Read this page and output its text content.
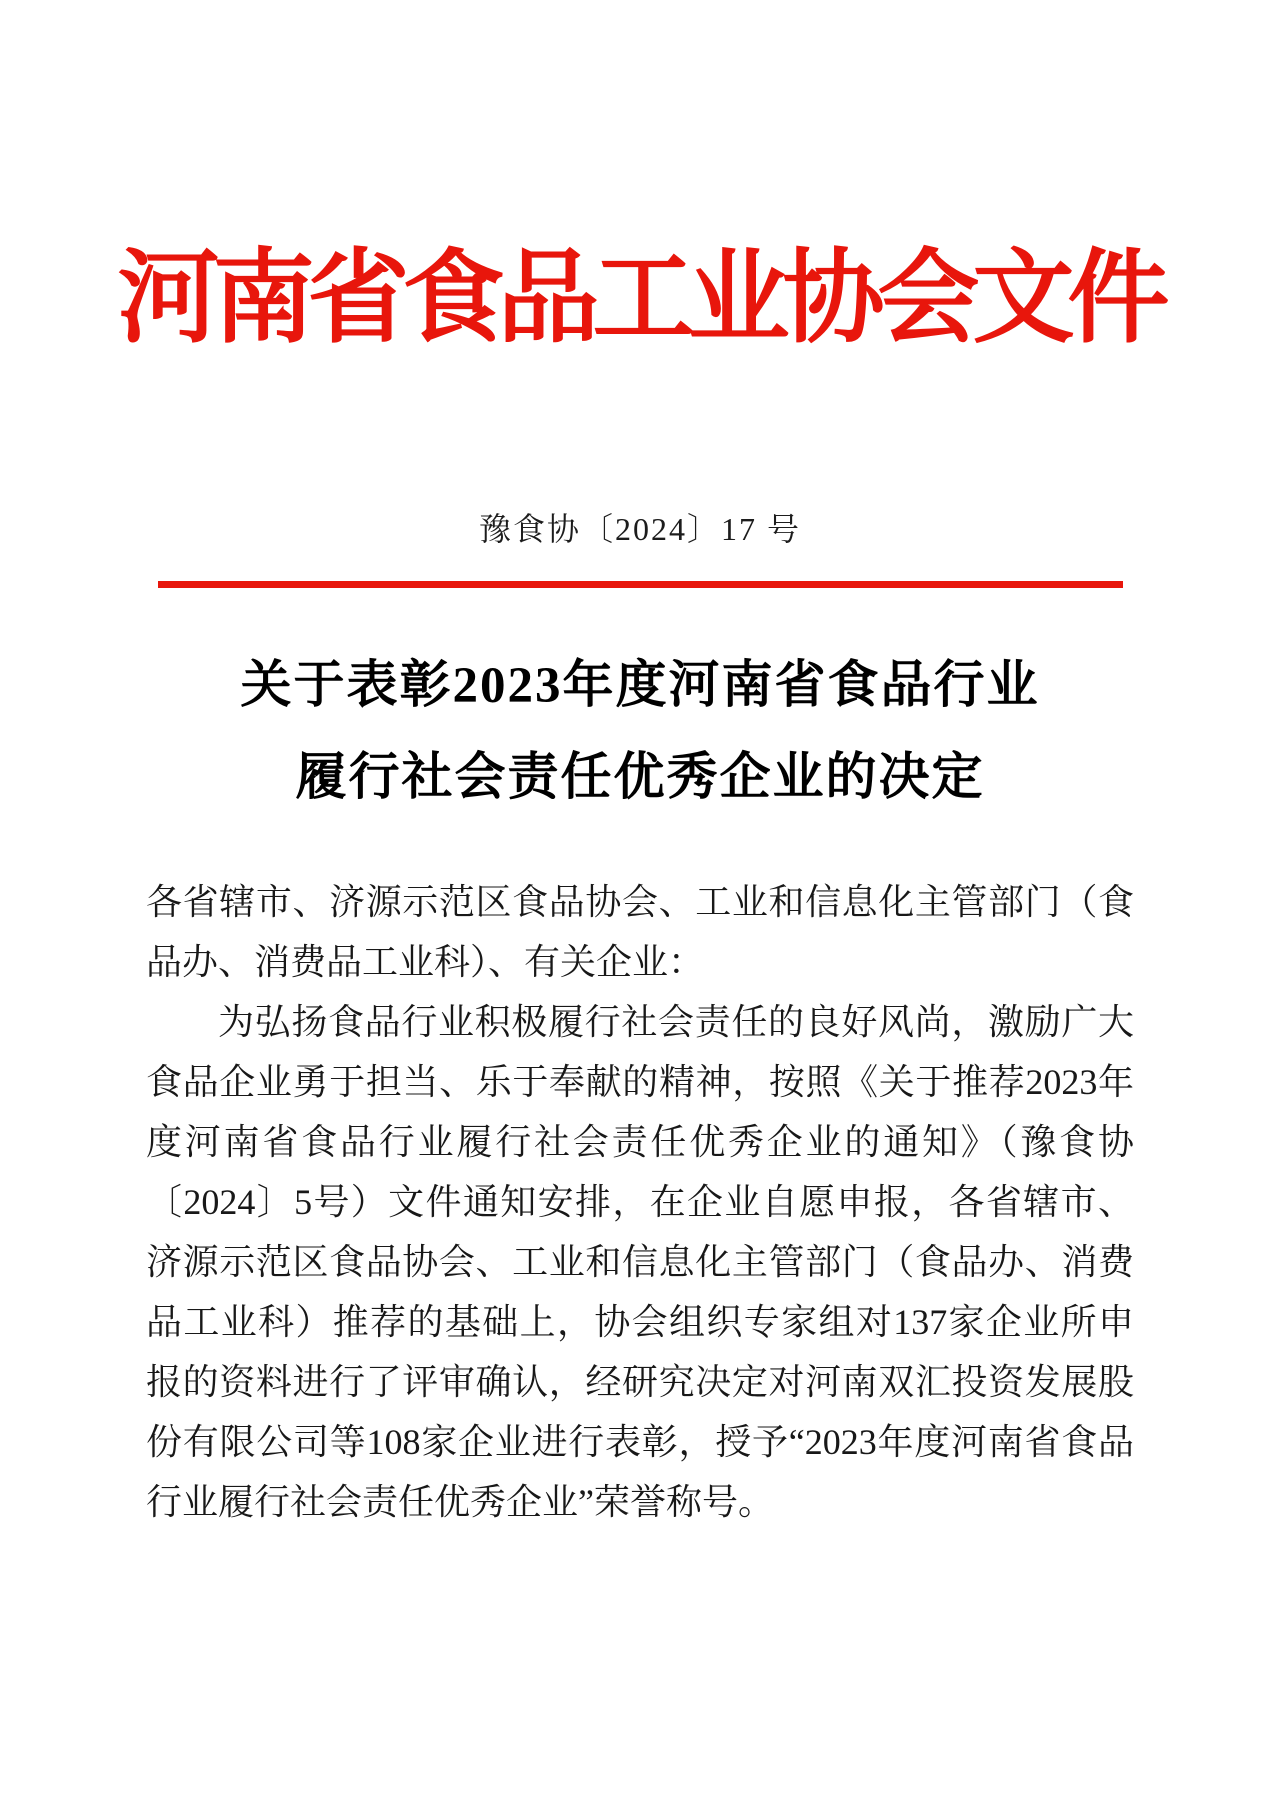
河南省食品工业协会文件
豫食协〔2024〕17 号
关于表彰2023年度河南省食品行业
履行社会责任优秀企业的决定

各省辖市、济源示范区食品协会、工业和信息化主管部门（食品办、消费品工业科）、有关企业：

为弘扬食品行业积极履行社会责任的良好风尚，激励广大食品企业勇于担当、乐于奉献的精神，按照《关于推荐2023年度河南省食品行业履行社会责任优秀企业的通知》（豫食协〔2024〕5号）文件通知安排，在企业自愿申报，各省辖市、济源示范区食品协会、工业和信息化主管部门（食品办、消费品工业科）推荐的基础上，协会组织专家组对137家企业所申报的资料进行了评审确认，经研究决定对河南双汇投资发展股份有限公司等108家企业进行表彰，授予“2023年度河南省食品行业履行社会责任优秀企业”荣誉称号。
